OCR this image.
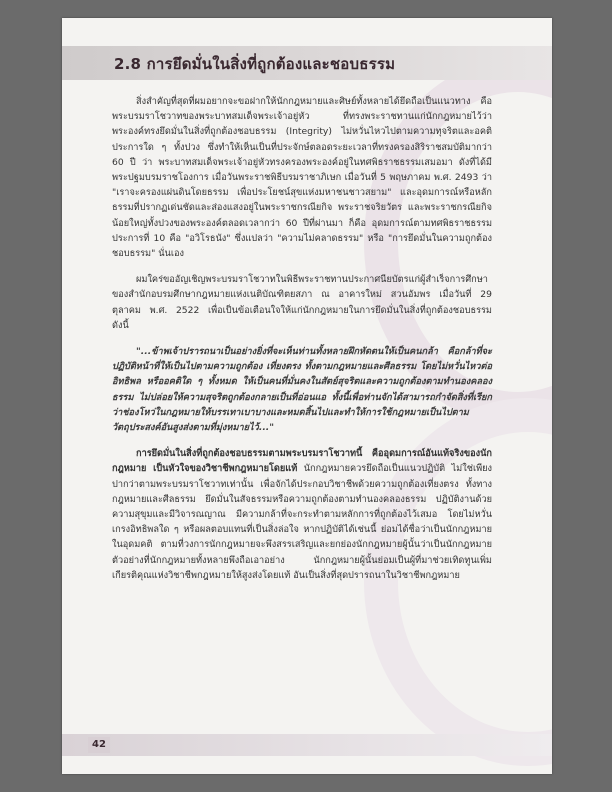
2.8 การยึดมั่นในสิ่งที่ถูกต้องและชอบธรรม

สิ่งสำคัญที่สุดที่ผมอยากจะขอฝากให้นักกฎหมายและศิษย์ทั้งหลายได้ยึดถือเป็นแนวทาง คือ พระบรมราโชวาทของพระบาทสมเด็จพระเจ้าอยู่หัว ที่ทรงพระราชทานแก่นักกฎหมายไว้ว่า พระองค์ทรงยึดมั่นในสิ่งที่ถูกต้องชอบธรรม (Integrity) ไม่หวั่นไหวไปตามความทุจริตและอคติประการใด ๆ ทั้งปวง ซึ่งทำให้เห็นเป็นที่ประจักษ์ตลอดระยะเวลาที่ทรงครองสิริราชสมบัติมากว่า 60 ปี ว่า พระบาทสมเด็จพระเจ้าอยู่หัวทรงครองพระองค์อยู่ในทศพิธราชธรรมเสมอมา ดังที่ได้มีพระปฐมบรมราชโองการ เมื่อวันพระราชพิธีบรมราชาภิเษก เมื่อวันที่ 5 พฤษภาคม พ.ศ. 2493 ว่า "เราจะครองแผ่นดินโดยธรรม เพื่อประโยชน์สุขแห่งมหาชนชาวสยาม" และอุดมการณ์หรือหลักธรรมที่ปรากฏเด่นชัดและส่องแสงอยู่ในพระราชกรณียกิจ พระราชจริยวัตร และพระราชกรณียกิจน้อยใหญ่ทั้งปวงของพระองค์ตลอดเวลากว่า 60 ปีที่ผ่านมา ก็คือ อุดมการณ์ตามทศพิธราชธรรมประการที่ 10 คือ "อวิโรธนัง" ซึ่งแปลว่า "ความไม่คลาดธรรม" หรือ "การยึดมั่นในความถูกต้องชอบธรรม" นั่นเอง

ผมใคร่ขออัญเชิญพระบรมราโชวาทในพิธีพระราชทานประกาศนียบัตรแก่ผู้สำเร็จการศึกษาของสำนักอบรมศึกษากฎหมายแห่งเนติบัณฑิตยสภา ณ อาคารใหม่ สวนอัมพร เมื่อวันที่ 29 ตุลาคม พ.ศ. 2522 เพื่อเป็นข้อเตือนใจให้แก่นักกฎหมายในการยึดมั่นในสิ่งที่ถูกต้องชอบธรรม ดังนี้

"...ข้าพเจ้าปรารถนาเป็นอย่างยิ่งที่จะเห็นท่านทั้งหลายฝึกหัดตนให้เป็นคนกล้า คือกล้าที่จะปฏิบัติหน้าที่ให้เป็นไปตามความถูกต้อง เที่ยงตรง ทั้งตามกฎหมายและศีลธรรม โดยไม่หวั่นไหวต่ออิทธิพล หรืออคติใด ๆ ทั้งหมด ให้เป็นคนที่มั่นคงในสัตย์สุจริตและความถูกต้องตามทำนองคลองธรรม ไม่ปล่อยให้ความสุจริตถูกต้องกลายเป็นที่อ่อนแอ ทั้งนี้เพื่อท่านจักได้สามารถกำจัดสิ่งที่เรียกว่าช่องโหว่ในกฎหมายให้บรรเทาเบาบางและหมดสิ้นไปและทำให้การใช้กฎหมายเป็นไปตามวัตถุประสงค์อันสูงส่งตามที่มุ่งหมายไว้..."

การยึดมั่นในสิ่งที่ถูกต้องชอบธรรมตามพระบรมราโชวาทนี้ คืออุดมการณ์อันแท้จริงของนักกฎหมาย เป็นหัวใจของวิชาชีพกฎหมายโดยแท้ นักกฎหมายควรยึดถือเป็นแนวปฏิบัติ ไม่ใช่เพียงปากว่าตามพระบรมราโชวาทเท่านั้น เพื่อจักได้ประกอบวิชาชีพด้วยความถูกต้องเที่ยงตรง ทั้งทางกฎหมายและศีลธรรม ยึดมั่นในสัจธรรมหรือความถูกต้องตามทำนองคลองธรรม ปฏิบัติงานด้วยความสุขุมและมีวิจารณญาณ มีความกล้าที่จะกระทำตามหลักการที่ถูกต้องไว้เสมอ โดยไม่หวั่นเกรงอิทธิพลใด ๆ หรือผลตอบแทนที่เป็นสิ่งล่อใจ หากปฏิบัติได้เช่นนี้ ย่อมได้ชื่อว่าเป็นนักกฎหมายในอุดมคติ ตามที่วงการนักกฎหมายจะพึงสรรเสริญและยกย่องนักกฎหมายผู้นั้นว่าเป็นนักกฎหมายตัวอย่างที่นักกฎหมายทั้งหลายพึงถือเอาอย่าง นักกฎหมายผู้นั้นย่อมเป็นผู้ที่มาช่วยเทิดทูนเพิ่มเกียรติคุณแห่งวิชาชีพกฎหมายให้สูงส่งโดยแท้ อันเป็นสิ่งที่สุดปรารถนาในวิชาชีพกฎหมาย

42
